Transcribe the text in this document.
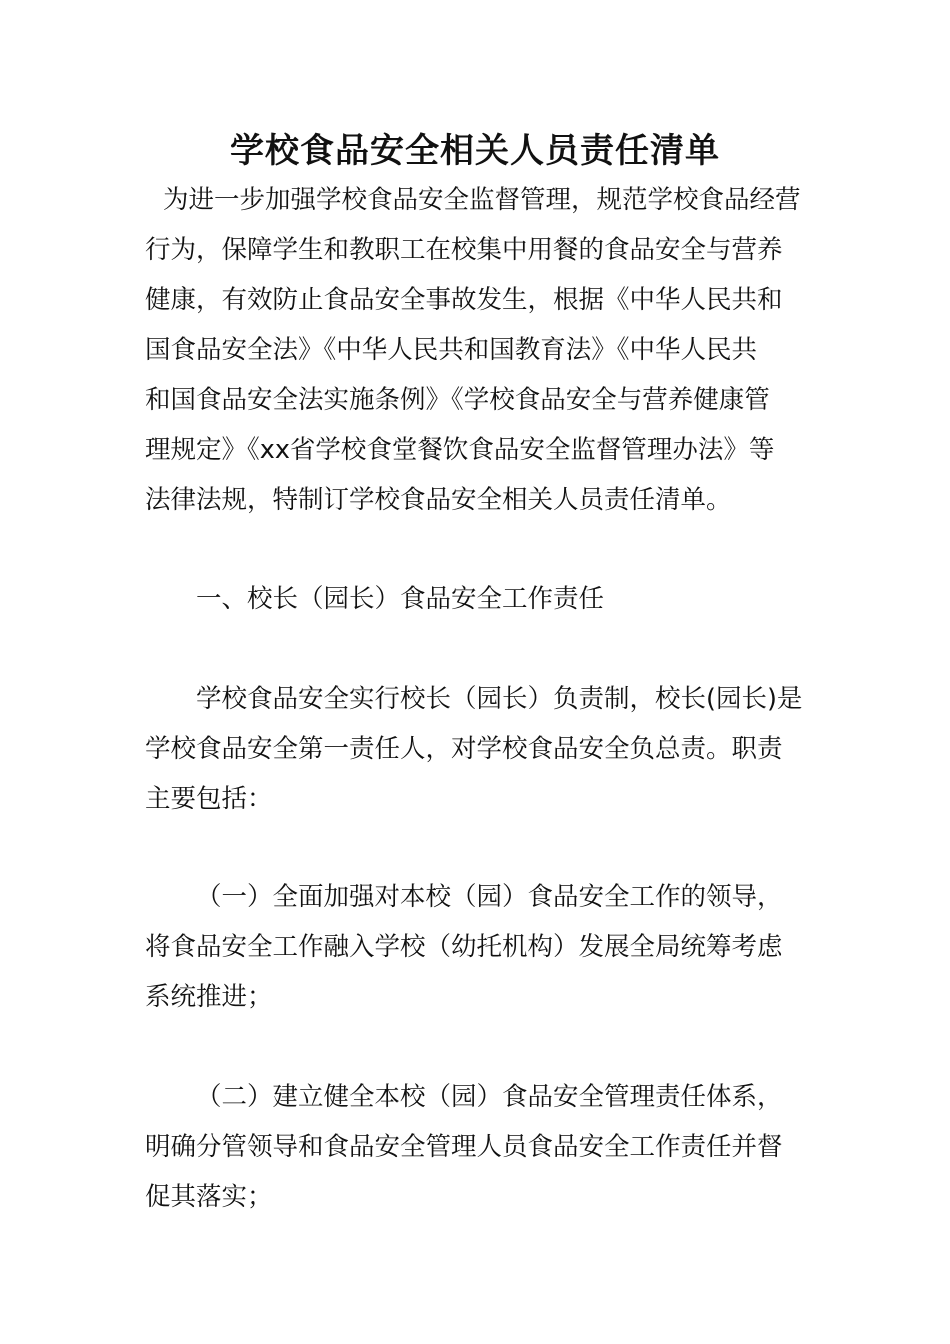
学校食品安全相关人员责任清单

为进一步加强学校食品安全监督管理，规范学校食品经营

行为，保障学生和教职工在校集中用餐的食品安全与营养

健康，有效防止食品安全事故发生，根据《中华人民共和

国食品安全法》《中华人民共和国教育法》《中华人民共

和国食品安全法实施条例》《学校食品安全与营养健康管

理规定》《xx省学校食堂餐饮食品安全监督管理办法》等

法律法规，特制订学校食品安全相关人员责任清单。

一、校长（园长）食品安全工作责任

学校食品安全实行校长（园长）负责制，校长(园长)是

学校食品安全第一责任人，对学校食品安全负总责。职责

主要包括：

（一）全面加强对本校（园）食品安全工作的领导，

将食品安全工作融入学校（幼托机构）发展全局统筹考虑

系统推进；

（二）建立健全本校（园）食品安全管理责任体系，

明确分管领导和食品安全管理人员食品安全工作责任并督

促其落实；
